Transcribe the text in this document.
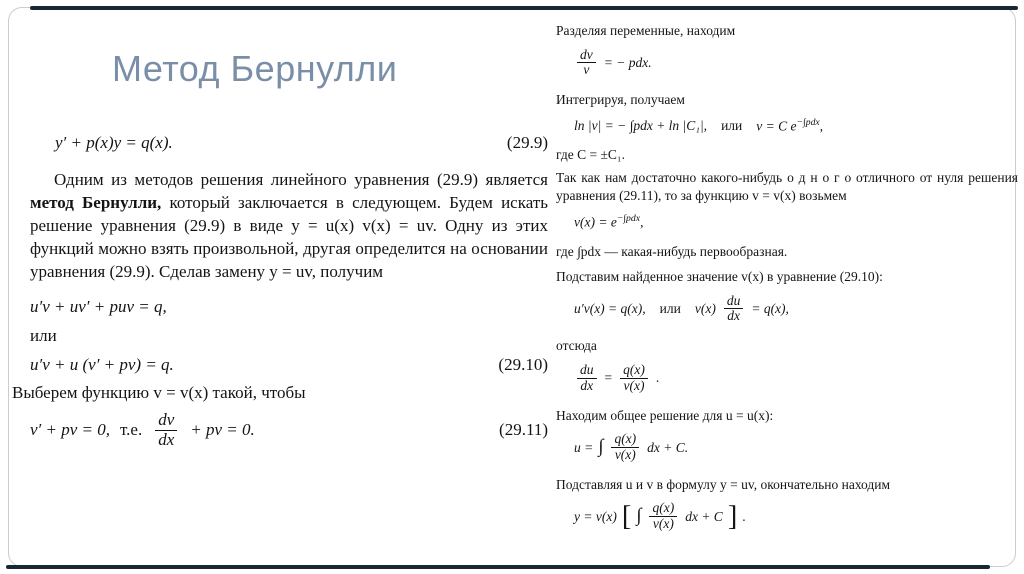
Метод Бернулли
y′ + p(x)y = q(x).	(29.9)

Одним из методов решения линейного уравнения (29.9) является метод Бернулли, который заключается в следующем. Будем искать решение уравнения (29.9) в виде y = u(x) v(x) = uv. Одну из этих функций можно взять произвольной, другая определится на основании уравнения (29.9). Сделав замену y = uv, получим

u′v + uv′ + puv = q,
или
u′v + u (v′ + pv) = q.	(29.10)
Выберем функцию v = v(x) такой, чтобы
v′ + pv = 0, т.е. $\frac{dv}{dx}$ + pv = 0.	(29.11)
Разделяя переменные, находим
$\frac{dv}{v}$ = − pdx.
Интегрируя, получаем
ln |v| = − ∫pdx + ln |C₁|, или v = C $e^{-\int pdx}$,
где C = ±C₁.
Так как нам достаточно какого-нибудь о д н о г о отличного от нуля решения уравнения (29.11), то за функцию v = v(x) возьмем
$v(x) = e^{-\int pdx}$,
где ∫pdx — какая-нибудь первообразная.
Подставим найденное значение v(x) в уравнение (29.10):
u′v(x) = q(x), или $v(x) \frac{du}{dx} = q(x)$,
отсюда
$\frac{du}{dx} = \frac{q(x)}{v(x)}$ .
Находим общее решение для u = u(x):
u = ∫ $\frac{q(x)}{v(x)}$ dx + C.
Подставляя u и v в формулу y = uv, окончательно находим
y = v(x) [ ∫ $\frac{q(x)}{v(x)}$ dx + C ] .
